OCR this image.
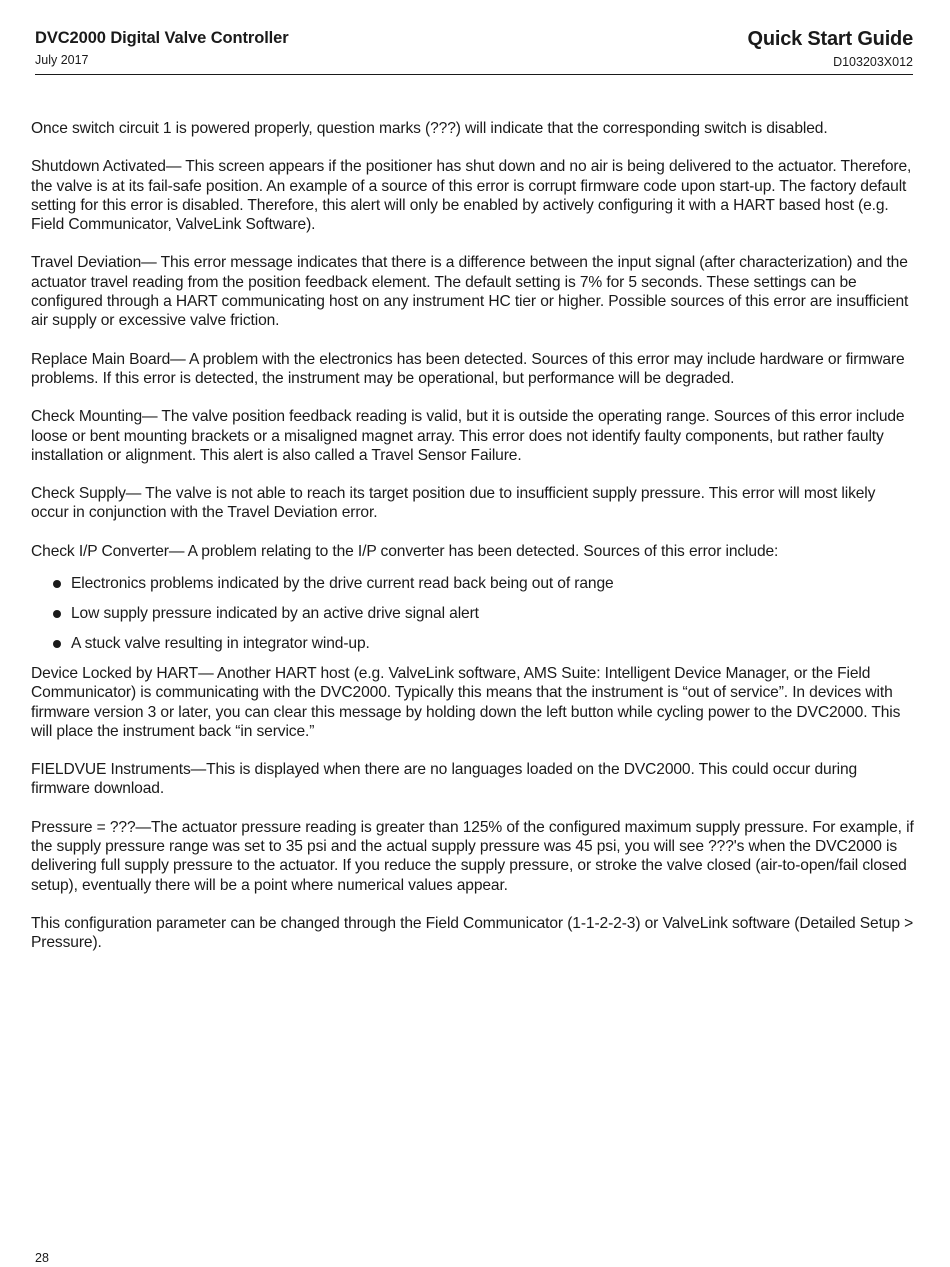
DVC2000 Digital Valve Controller
July 2017
Quick Start Guide
D103203X012

Once switch circuit 1 is powered properly, question marks (???) will indicate that the corresponding switch is disabled.

Shutdown Activated— This screen appears if the positioner has shut down and no air is being delivered to the actuator. Therefore, the valve is at its fail-safe position. An example of a source of this error is corrupt firmware code upon start-up. The factory default setting for this error is disabled. Therefore, this alert will only be enabled by actively configuring it with a HART based host (e.g. Field Communicator, ValveLink Software).

Travel Deviation— This error message indicates that there is a difference between the input signal (after characterization) and the actuator travel reading from the position feedback element. The default setting is 7% for 5 seconds. These settings can be configured through a HART communicating host on any instrument HC tier or higher. Possible sources of this error are insufficient air supply or excessive valve friction.

Replace Main Board— A problem with the electronics has been detected. Sources of this error may include hardware or firmware problems. If this error is detected, the instrument may be operational, but performance will be degraded.

Check Mounting— The valve position feedback reading is valid, but it is outside the operating range. Sources of this error include loose or bent mounting brackets or a misaligned magnet array. This error does not identify faulty components, but rather faulty installation or alignment. This alert is also called a Travel Sensor Failure.

Check Supply— The valve is not able to reach its target position due to insufficient supply pressure. This error will most likely occur in conjunction with the Travel Deviation error.

Check I/P Converter— A problem relating to the I/P converter has been detected. Sources of this error include:

Electronics problems indicated by the drive current read back being out of range
Low supply pressure indicated by an active drive signal alert
A stuck valve resulting in integrator wind-up.

Device Locked by HART— Another HART host (e.g. ValveLink software, AMS Suite: Intelligent Device Manager, or the Field Communicator) is communicating with the DVC2000. Typically this means that the instrument is “out of service”. In devices with firmware version 3 or later, you can clear this message by holding down the left button while cycling power to the DVC2000. This will place the instrument back “in service.”

FIELDVUE Instruments—This is displayed when there are no languages loaded on the DVC2000. This could occur during firmware download.

Pressure = ???—The actuator pressure reading is greater than 125% of the configured maximum supply pressure. For example, if the supply pressure range was set to 35 psi and the actual supply pressure was 45 psi, you will see ???'s when the DVC2000 is delivering full supply pressure to the actuator. If you reduce the supply pressure, or stroke the valve closed (air-to-open/fail closed setup), eventually there will be a point where numerical values appear.

This configuration parameter can be changed through the Field Communicator (1-1-2-2-3) or ValveLink software (Detailed Setup > Pressure).

28
